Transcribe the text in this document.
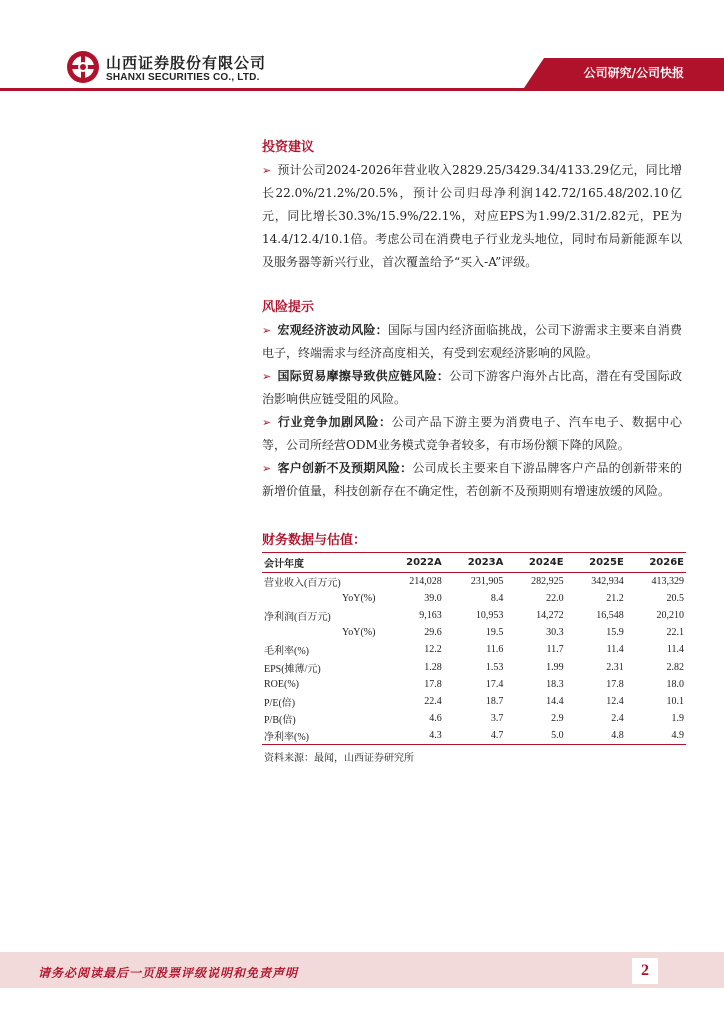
山西证券股份有限公司
SHANXI SECURITIES CO., LTD.	公司研究/公司快报
投资建议
➢ 预计公司2024-2026年营业收入2829.25/3429.34/4133.29亿元，同比增长22.0%/21.2%/20.5%，预计公司归母净利润142.72/165.48/202.10亿元，同比增长30.3%/15.9%/22.1%，对应EPS为1.99/2.31/2.82元，PE为14.4/12.4/10.1倍。考虑公司在消费电子行业龙头地位，同时布局新能源车以及服务器等新兴行业，首次覆盖给予“买入-A”评级。
风险提示
➢ 宏观经济波动风险：国际与国内经济面临挑战，公司下游需求主要来自消费电子，终端需求与经济高度相关，有受到宏观经济影响的风险。
➢ 国际贸易摩擦导致供应链风险：公司下游客户海外占比高，潜在有受国际政治影响供应链受阻的风险。
➢ 行业竞争加剧风险：公司产品下游主要为消费电子、汽车电子、数据中心等，公司所经营ODM业务模式竞争者较多，有市场份额下降的风险。
➢ 客户创新不及预期风险：公司成长主要来自下游品牌客户产品的创新带来的新增价值量，科技创新存在不确定性，若创新不及预期则有增速放缓的风险。
财务数据与估值：
会计年度	2022A	2023A	2024E	2025E	2026E
营业收入(百万元)	214,028	231,905	282,925	342,934	413,329
YoY(%)	39.0	8.4	22.0	21.2	20.5
净利润(百万元)	9,163	10,953	14,272	16,548	20,210
YoY(%)	29.6	19.5	30.3	15.9	22.1
毛利率(%)	12.2	11.6	11.7	11.4	11.4
EPS(摊薄/元)	1.28	1.53	1.99	2.31	2.82
ROE(%)	17.8	17.4	18.3	17.8	18.0
P/E(倍)	22.4	18.7	14.4	12.4	10.1
P/B(倍)	4.6	3.7	2.9	2.4	1.9
净利率(%)	4.3	4.7	5.0	4.8	4.9
资料来源：最闻，山西证券研究所
请务必阅读最后一页股票评级说明和免责声明	2
